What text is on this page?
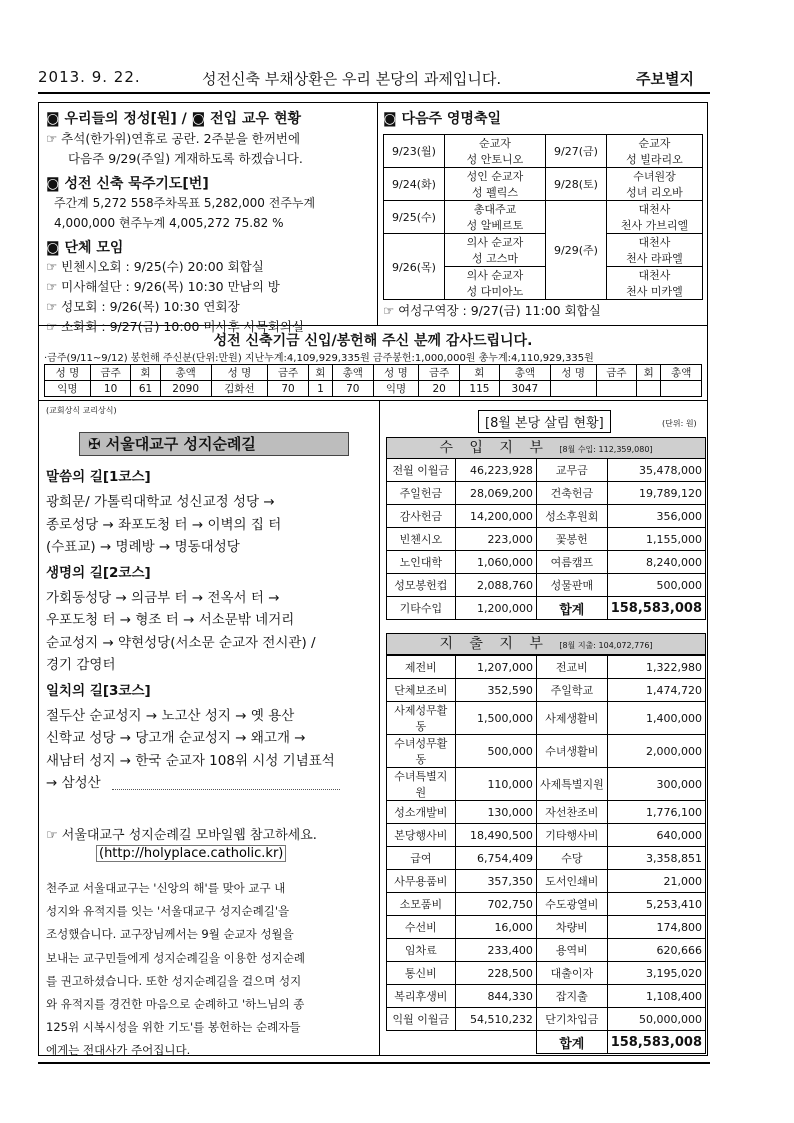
2013. 9. 22.	성전신축 부채상환은 우리 본당의 과제입니다.	주보별지
◙ 우리들의 정성[원] / ◙ 전입 교우 현황
☞ 추석(한가위)연휴로 공란. 2주분을 한꺼번에
다음주 9/29(주일) 게재하도록 하겠습니다.
◙ 성전 신축 묵주기도[번]
주간계 5,272 558주차목표 5,282,000 전주누계
4,000,000 현주누계 4,005,272 75.82 %
◙ 단체 모임
☞ 빈첸시오회 : 9/25(수) 20:00 회합실
☞ 미사해설단 : 9/26(목) 10:30 만남의 방
☞ 성모회 : 9/26(목) 10:30 연회장
☞ 소화회 : 9/27(금) 10:00 미사후 사목회의실
◙ 다음주 영명축일
9/23(월)	순교자
성 안토니오	9/27(금)	순교자
성 빌라리오
9/24(화)	성인 순교자
성 펠릭스	9/28(토)	수녀원장
성녀 리오바
9/25(수)	총대주교
성 알베르토	9/29(주)	대천사
천사 가브리엘
9/26(목)	의사 순교자
성 고스마		대천사
천사 라파엘
	의사 순교자
성 다미아노		대천사
천사 미카엘
☞ 여성구역장 : 9/27(금) 11:00 회합실
성전 신축기금 신입/봉헌해 주신 분께 감사드립니다.
·금주(9/11~9/12) 봉헌해 주신분(단위:만원) 지난누계:4,109,929,335원 금주봉헌:1,000,000원 총누계:4,110,929,335원
성 명	금주	회	총액	성 명	금주	회	총액	성 명	금주	회	총액	성 명	금주	회	총액
익명	10	61	2090	김화선	70	1	70	익명	20	115	3047				
(교회상식 교리상식)
✠ 서울대교구 성지순례길
말씀의 길[1코스]
광희문/ 가톨릭대학교 성신교정 성당 →
종로성당 → 좌포도청 터 → 이벽의 집 터
(수표교) → 명례방 → 명동대성당
생명의 길[2코스]
가회동성당 → 의금부 터 → 전옥서 터 →
우포도청 터 → 형조 터 → 서소문밖 네거리
순교성지 → 약현성당(서소문 순교자 전시관) /
경기 감영터
일치의 길[3코스]
절두산 순교성지 → 노고산 성지 → 옛 용산
신학교 성당 → 당고개 순교성지 → 왜고개 →
새남터 성지 → 한국 순교자 108위 시성 기념표석
→ 삼성산
☞ 서울대교구 성지순례길 모바일웹 참고하세요.
(http://holyplace.catholic.kr)
천주교 서울대교구는 '신앙의 해'를 맞아 교구 내
성지와 유적지를 잇는 '서울대교구 성지순례길'을
조성했습니다. 교구장님께서는 9월 순교자 성월을
보내는 교구민들에게 성지순례길을 이용한 성지순례
를 권고하셨습니다. 또한 성지순례길을 걸으며 성지
와 유적지를 경건한 마음으로 순례하고 '하느님의 종
125위 시복시성을 위한 기도'를 봉헌하는 순례자들
에게는 전대사가 주어집니다.
[8월 본당 살림 현황]	(단위: 원)
수 입 지 부 [8월 수입: 112,359,080]
전월 이월금	46,223,928	교무금	35,478,000
주일헌금	28,069,200	건축헌금	19,789,120
감사헌금	14,200,000	성소후원회	356,000
빈첸시오	223,000	꽃봉헌	1,155,000
노인대학	1,060,000	여름캠프	8,240,000
성모봉헌컵	2,088,760	성물판매	500,000
기타수입	1,200,000	합계	158,583,008
지 출 지 부 [8월 지출: 104,072,776]
제전비	1,207,000	전교비	1,322,980
단체보조비	352,590	주일학교	1,474,720
사제성무활동	1,500,000	사제생활비	1,400,000
수녀성무활동	500,000	수녀생활비	2,000,000
수녀특별지원	110,000	사제특별지원	300,000
성소개발비	130,000	자선찬조비	1,776,100
본당행사비	18,490,500	기타행사비	640,000
급여	6,754,409	수당	3,358,851
사무용품비	357,350	도서인쇄비	21,000
소모품비	702,750	수도광열비	5,253,410
수선비	16,000	차량비	174,800
임차료	233,400	용역비	620,666
통신비	228,500	대출이자	3,195,020
복리후생비	844,330	잡지출	1,108,400
익월 이월금	54,510,232	단기차입금	50,000,000
		합계	158,583,008
